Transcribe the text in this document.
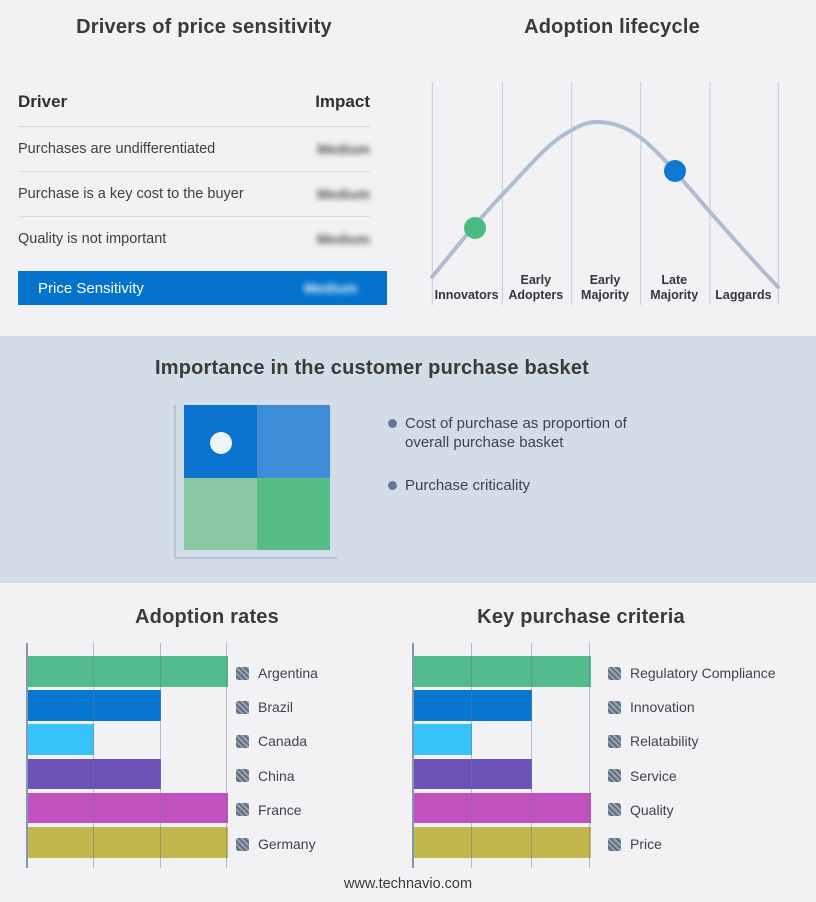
Drivers of price sensitivity
Driver	Impact
Purchases are undifferentiated	Medium
Purchase is a key cost to the buyer	Medium
Quality is not important	Medium
Price Sensitivity	Medium
Adoption lifecycle
Innovators
Early Adopters
Early Majority
Late Majority	Laggards
Importance in the customer purchase basket
Cost of purchase as proportion of overall purchase basket
Purchase criticality
Adoption rates
Argentina
Brazil
Canada
China
France
Germany
Key purchase criteria
Regulatory Compliance
Innovation
Relatability
Service
Quality
Price
www.technavio.com
